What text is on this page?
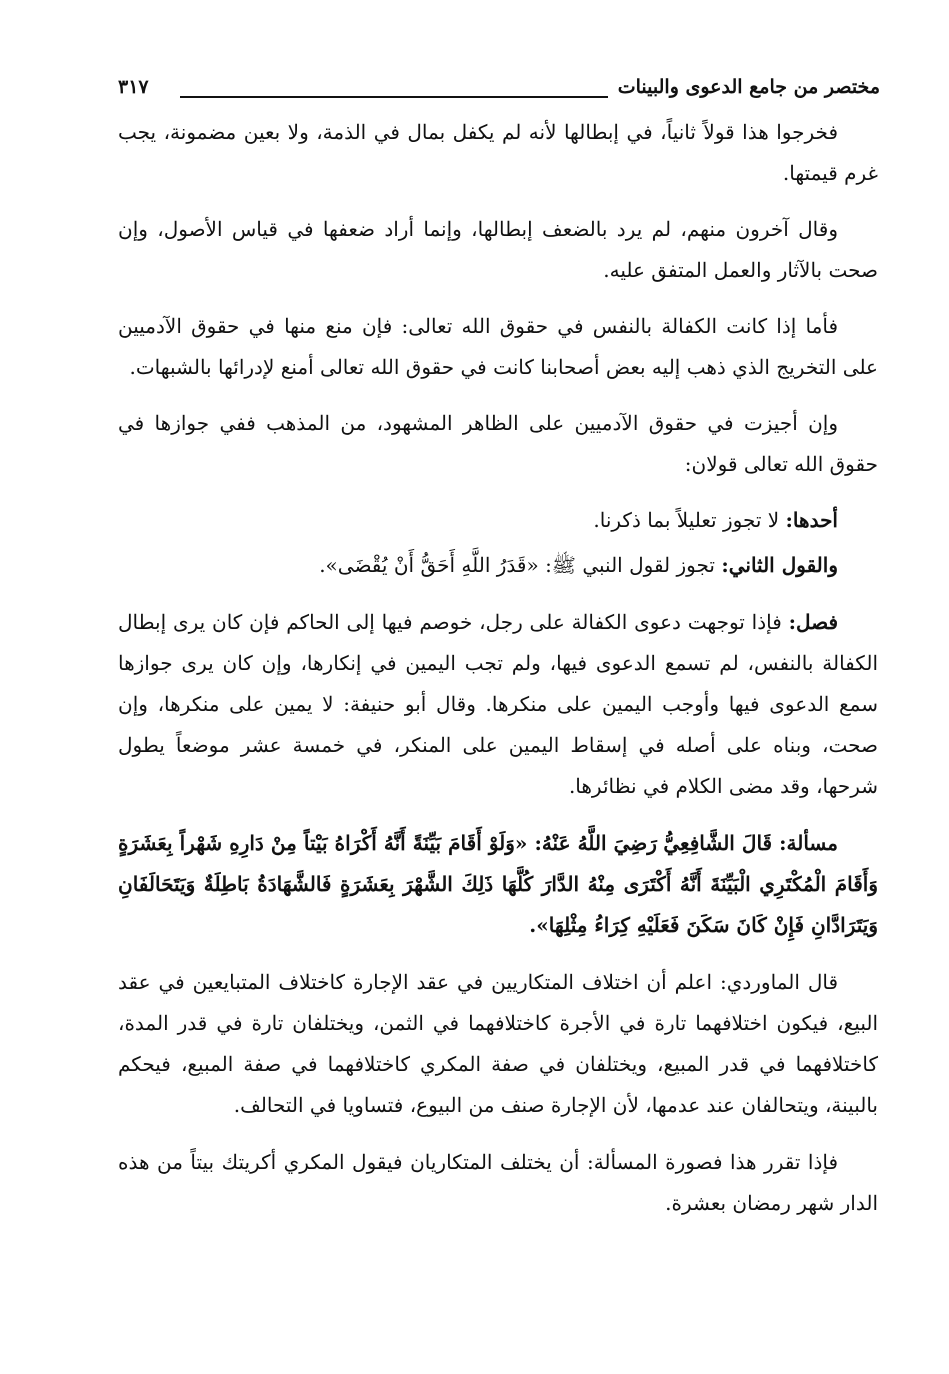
مختصر من جامع الدعوى والبينات
٣١٧

فخرجوا هذا قولاً ثانياً، في إبطالها لأنه لم يكفل بمال في الذمة، ولا بعين مضمونة، يجب غرم قيمتها.

وقال آخرون منهم، لم يرد بالضعف إبطالها، وإنما أراد ضعفها في قياس الأصول، وإن صحت بالآثار والعمل المتفق عليه.

فأما إذا كانت الكفالة بالنفس في حقوق الله تعالى: فإن منع منها في حقوق الآدميين على التخريج الذي ذهب إليه بعض أصحابنا كانت في حقوق الله تعالى أمنع لإدرائها بالشبهات.

وإن أجيزت في حقوق الآدميين على الظاهر المشهود، من المذهب ففي جوازها في حقوق الله تعالى قولان:

أحدها: لا تجوز تعليلاً بما ذكرنا.

والقول الثاني: تجوز لقول النبي ﷺ: «قَدَرُ اللَّهِ أَحَقُّ أَنْ يُقْضَى».

فصل: فإذا توجهت دعوى الكفالة على رجل، خوصم فيها إلى الحاكم فإن كان يرى إبطال الكفالة بالنفس، لم تسمع الدعوى فيها، ولم تجب اليمين في إنكارها، وإن كان يرى جوازها سمع الدعوى فيها وأوجب اليمين على منكرها. وقال أبو حنيفة: لا يمين على منكرها، وإن صحت، وبناه على أصله في إسقاط اليمين على المنكر، في خمسة عشر موضعاً يطول شرحها، وقد مضى الكلام في نظائرها.

مسألة: قَالَ الشَّافِعِيُّ رَضِيَ اللَّهُ عَنْهُ: «وَلَوْ أَقَامَ بَيِّنَةً أَنَّهُ أَكْرَاهُ بَيْتاً مِنْ دَارِهِ شَهْراً بِعَشَرَةٍ وَأَقَامَ الْمُكْتَرِي الْبَيِّنَةَ أَنَّهُ أَكْتَرَى مِنْهُ الدَّارَ كُلَّهَا ذَلِكَ الشَّهْرَ بِعَشَرَةٍ فَالشَّهَادَةُ بَاطِلَةٌ وَيَتَحَالَفَانِ وَيَتَرَادَّانِ فَإِنْ كَانَ سَكَنَ فَعَلَيْهِ كِرَاءُ مِثْلِهَا».

قال الماوردي: اعلم أن اختلاف المتكاريين في عقد الإجارة كاختلاف المتبايعين في عقد البيع، فيكون اختلافهما تارة في الأجرة كاختلافهما في الثمن، ويختلفان تارة في قدر المدة، كاختلافهما في قدر المبيع، ويختلفان في صفة المكري كاختلافهما في صفة المبيع، فيحكم بالبينة، ويتحالفان عند عدمها، لأن الإجارة صنف من البيوع، فتساويا في التحالف.

فإذا تقرر هذا فصورة المسألة: أن يختلف المتكاريان فيقول المكري أكريتك بيتاً من هذه الدار شهر رمضان بعشرة.
